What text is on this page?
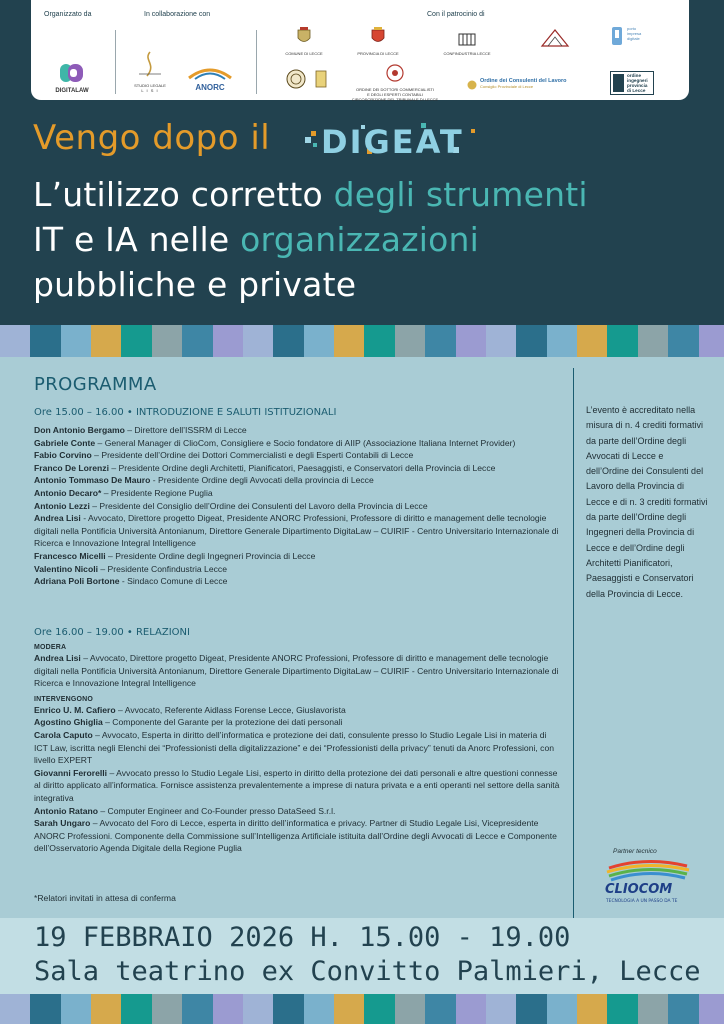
Organizzato da	In collaborazione con	Con il patrocinio di
DIGITALAW
STUDIO LEGALE
L I S I	ANORC
COMUNE DI LECCE	PROVINCIA DI LECCE	CONFINDUSTRIA LECCE
porto
impresa
digitale
ORDINE DEI DOTTORI COMMERCIALISTI
E DEGLI ESPERTI CONTABILI
CIRCOSCRIZIONE DEL TRIBUNALE DI LECCE
Ordine dei Consulenti del Lavoro
Consiglio Provinciale di Lecce
ordine
ingegneri
provincia
di Lecce
Vengo dopo il DIGEAT
L’utilizzo corretto degli strumenti
IT e IA nelle organizzazioni
pubbliche e private
PROGRAMMA
Ore 15.00 – 16.00 • INTRODUZIONE E SALUTI ISTITUZIONALI
Don Antonio Bergamo – Direttore dell’ISSRM di Lecce
Gabriele Conte – General Manager di ClioCom, Consigliere e Socio fondatore di AIIP (Associazione Italiana Internet Provider)
Fabio Corvino – Presidente dell’Ordine dei Dottori Commercialisti e degli Esperti Contabili di Lecce
Franco De Lorenzi – Presidente Ordine degli Architetti, Pianificatori, Paesaggisti, e Conservatori della Provincia di Lecce
Antonio Tommaso De Mauro - Presidente Ordine degli Avvocati della provincia di Lecce
Antonio Decaro* – Presidente Regione Puglia
Antonio Lezzi – Presidente del Consiglio dell’Ordine dei Consulenti del Lavoro della Provincia di Lecce
Andrea Lisi - Avvocato, Direttore progetto Digeat, Presidente ANORC Professioni, Professore di diritto e management delle tecnologie digitali nella Pontificia Università Antonianum, Direttore Generale Dipartimento DigitaLaw – CUIRIF - Centro Universitario Internazionale di Ricerca e Innovazione Integral Intelligence
Francesco Micelli – Presidente Ordine degli Ingegneri Provincia di Lecce
Valentino Nicoli – Presidente Confindustria Lecce
Adriana Poli Bortone - Sindaco Comune di Lecce
Ore 16.00 – 19.00 • RELAZIONI
MODERA
Andrea Lisi – Avvocato, Direttore progetto Digeat, Presidente ANORC Professioni, Professore di diritto e management delle tecnologie digitali nella Pontificia Università Antonianum, Direttore Generale Dipartimento DigitaLaw – CUIRIF - Centro Universitario Internazionale di Ricerca e Innovazione Integral Intelligence
INTERVENGONO
Enrico U. M. Cafiero – Avvocato, Referente Aidlass Forense Lecce, Giuslavorista
Agostino Ghiglia – Componente del Garante per la protezione dei dati personali
Carola Caputo – Avvocato, Esperta in diritto dell’informatica e protezione dei dati, consulente presso lo Studio Legale Lisi in materia di ICT Law, iscritta negli Elenchi dei “Professionisti della digitalizzazione” e dei “Professionisti della privacy” tenuti da Anorc Professioni, con livello EXPERT
Giovanni Ferorelli – Avvocato presso lo Studio Legale Lisi, esperto in diritto della protezione dei dati personali e altre questioni connesse al diritto applicato all’informatica. Fornisce assistenza prevalentemente a imprese di natura privata e a enti operanti nel settore della sanità integrativa
Antonio Ratano – Computer Engineer and Co-Founder presso DataSeed S.r.l.
Sarah Ungaro – Avvocato del Foro di Lecce, esperta in diritto dell’informatica e privacy. Partner di Studio Legale Lisi, Vicepresidente ANORC Professioni. Componente della Commissione sull’Intelligenza Artificiale istituita dall’Ordine degli Avvocati di Lecce e Componente dell’Osservatorio Agenda Digitale della Regione Puglia
*Relatori invitati in attesa di conferma
L’evento è accreditato nella misura di n. 4 crediti formativi da parte dell’Ordine degli Avvocati di Lecce e dell’Ordine dei Consulenti del Lavoro della Provincia di Lecce e di n. 3 crediti formativi da parte dell’Ordine degli Ingegneri della Provincia di Lecce e dell’Ordine degli Architetti Pianificatori, Paesaggisti e Conservatori della Provincia di Lecce.
Partner tecnico
CLIOCOM
TECNOLOGIA A UN PASSO DA TE
19 FEBBRAIO 2026 H. 15.00 - 19.00
Sala teatrino ex Convitto Palmieri, Lecce
